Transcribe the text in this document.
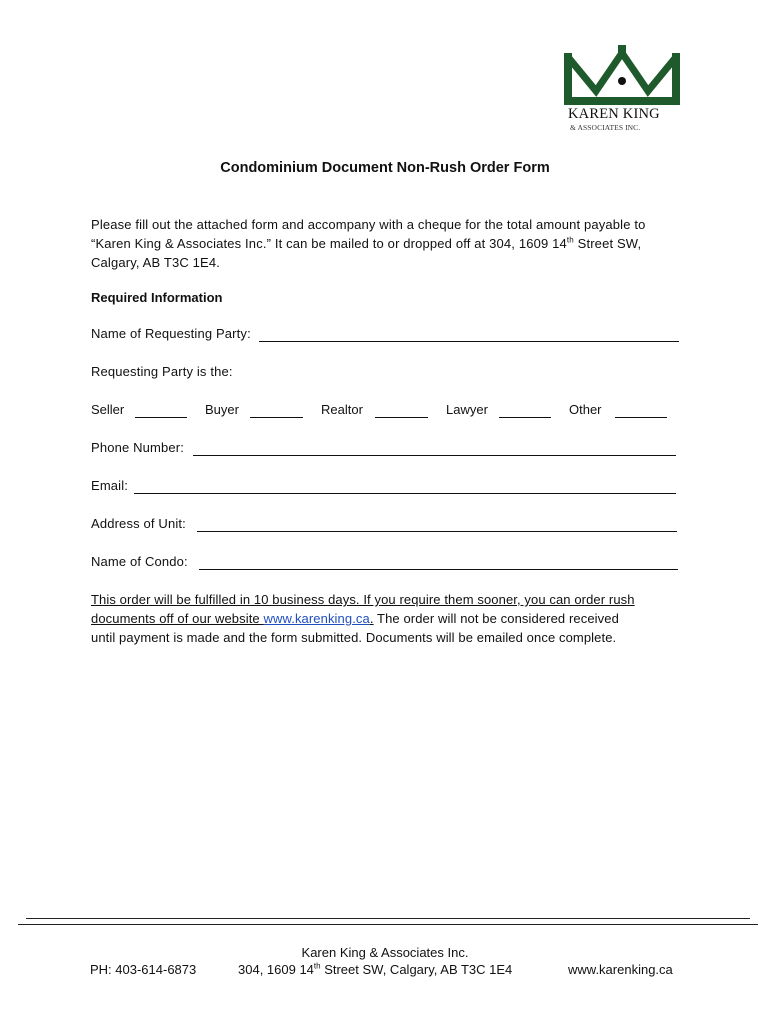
KAREN KING
& ASSOCIATES INC.
Condominium Document Non-Rush Order Form
Please fill out the attached form and accompany with a cheque for the total amount payable to
“Karen King & Associates Inc.” It can be mailed to or dropped off at 304, 1609 14th Street SW,
Calgary, AB T3C 1E4.
Required Information
Name of Requesting Party:
Requesting Party is the:
Seller	Buyer	Realtor	Lawyer	Other
Phone Number:
Email:
Address of Unit:
Name of Condo:
This order will be fulfilled in 10 business days. If you require them sooner, you can order rush
documents off of our website www.karenking.ca. The order will not be considered received
until payment is made and the form submitted. Documents will be emailed once complete.
Karen King & Associates Inc.
PH: 403-614-6873	304, 1609 14th Street SW, Calgary, AB T3C 1E4	www.karenking.ca
